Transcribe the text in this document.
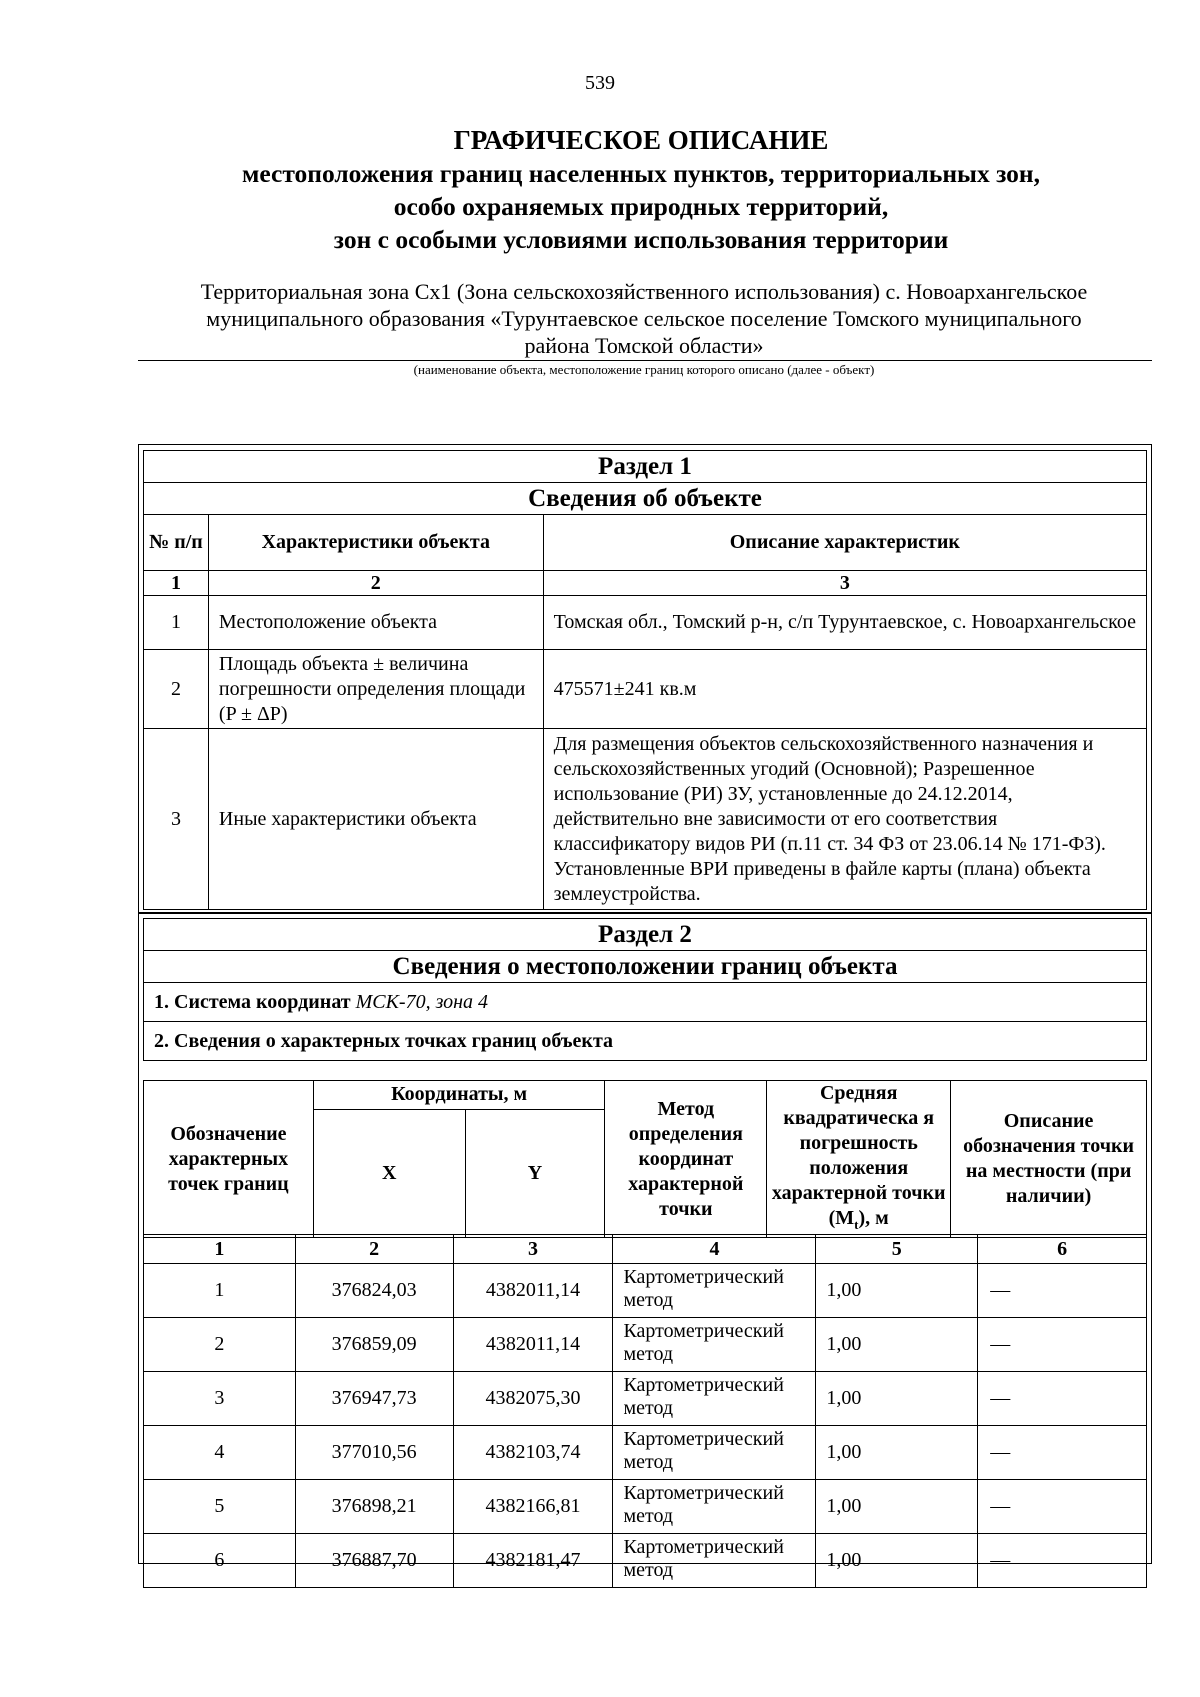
539
ГРАФИЧЕСКОЕ ОПИСАНИЕ
местоположения границ населенных пунктов, территориальных зон,
особо охраняемых природных территорий,
зон с особыми условиями использования территории
Территориальная зона Сх1 (Зона сельскохозяйственного использования) с. Новоархангельское
муниципального образования «Турунтаевское сельское поселение Томского муниципального
района Томской области»
(наименование объекта, местоположение границ которого описано (далее - объект)
Раздел 1		
Сведения об объекте		
№ п/п	Характеристики объекта	Описание характеристик
1	2	3
1	Местоположение объекта	Томская обл., Томский р-н, с/п Турунтаевское, с. Новоархангельское
2	Площадь объекта ± величина погрешности определения площади (P ± ΔP)	475571±241 кв.м
3	Иные характеристики объекта	Для размещения объектов сельскохозяйственного назначения и сельскохозяйственных угодий (Основной); Разрешенное использование (РИ) ЗУ, установленные до 24.12.2014, действительно вне зависимости от его соответствия классификатору видов РИ (п.11 ст. 34 ФЗ от 23.06.14 № 171-ФЗ). Установленные ВРИ приведены в файле карты (плана) объекта землеустройства.
Раздел 2
Сведения о местоположении границ объекта
1. Система координат МСК-70, зона 4
2. Сведения о характерных точках границ объекта
Обозначение характерных точек границ	Координаты, м		Метод определения координат характерной точки	Средняя квадратическа я погрешность положения характерной точки $(M_t)$, м	Описание обозначения точки на местности (при наличии)
	X	Y			
1	2	3	4	5	6
1	376824,03	4382011,14	Картометрический метод	1,00	—
2	376859,09	4382011,14	Картометрический метод	1,00	—
3	376947,73	4382075,30	Картометрический метод	1,00	—
4	377010,56	4382103,74	Картометрический метод	1,00	—
5	376898,21	4382166,81	Картометрический метод	1,00	—
6	376887,70	4382181,47	Картометрический метод	1,00	—
